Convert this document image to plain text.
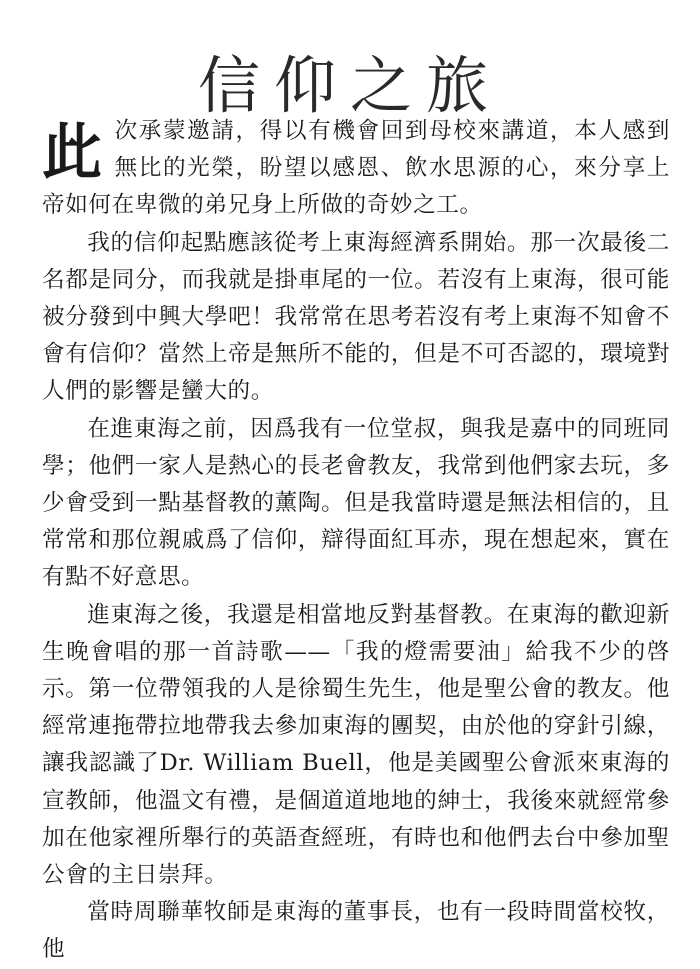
信仰之旅

此次承蒙邀請，得以有機會回到母校來講道，本人感到無比的光榮，盼望以感恩、飲水思源的心，來分享上帝如何在卑微的弟兄身上所做的奇妙之工。

我的信仰起點應該從考上東海經濟系開始。那一次最後二名都是同分，而我就是掛車尾的一位。若沒有上東海，很可能被分發到中興大學吧！我常常在思考若沒有考上東海不知會不會有信仰？當然上帝是無所不能的，但是不可否認的，環境對人們的影響是蠻大的。

在進東海之前，因爲我有一位堂叔，與我是嘉中的同班同學；他們一家人是熱心的長老會教友，我常到他們家去玩，多少會受到一點基督教的薰陶。但是我當時還是無法相信的，且常常和那位親戚爲了信仰，辯得面紅耳赤，現在想起來，實在有點不好意思。

進東海之後，我還是相當地反對基督教。在東海的歡迎新生晚會唱的那一首詩歌——「我的燈需要油」給我不少的啓示。第一位帶領我的人是徐蜀生先生，他是聖公會的教友。他經常連拖帶拉地帶我去參加東海的團契，由於他的穿針引線，讓我認識了Dr. William Buell，他是美國聖公會派來東海的宣教師，他溫文有禮，是個道道地地的紳士，我後來就經常參加在他家裡所舉行的英語查經班，有時也和他們去台中參加聖公會的主日崇拜。

當時周聯華牧師是東海的董事長，也有一段時間當校牧，他
